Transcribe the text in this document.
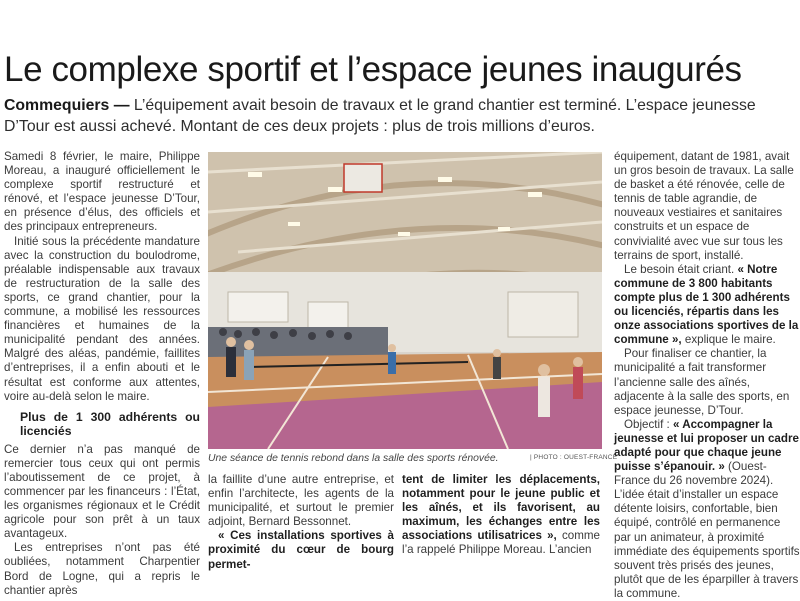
Le complexe sportif et l’espace jeunes inaugurés
Commequiers — L’équipement avait besoin de travaux et le grand chantier est terminé. L’espace jeunesse D’Tour est aussi achevé. Montant de ces deux projets : plus de trois millions d’euros.

Samedi 8 février, le maire, Philippe Moreau, a inauguré officiellement le complexe sportif restructuré et rénové, et l’espace jeunesse D’Tour, en présence d’élus, des officiels et des principaux entrepreneurs.

Initié sous la précédente mandature avec la construction du boulodrome, préalable indispensable aux travaux de restructuration de la salle des sports, ce grand chantier, pour la commune, a mobilisé les ressources financières et humaines de la municipalité pendant des années. Malgré des aléas, pandémie, faillites d’entreprises, il a enfin abouti et le résultat est conforme aux attentes, voire au-delà selon le maire.

Plus de 1 300 adhérents ou licenciés

Ce dernier n’a pas manqué de remercier tous ceux qui ont permis l’aboutissement de ce projet, à commencer par les financeurs : l’État, les organismes régionaux et le Crédit agricole pour son prêt à un taux avantageux.

Les entreprises n’ont pas été oubliées, notamment Charpentier Bord de Logne, qui a repris le chantier après

Une séance de tennis rebond dans la salle des sports rénovée.	| PHOTO : OUEST-FRANCE

la faillite d’une autre entreprise, et enfin l’architecte, les agents de la municipalité, et surtout le premier adjoint, Bernard Bessonnet.

« Ces installations sportives à proximité du cœur de bourg permet-

tent de limiter les déplacements, notamment pour le jeune public et les aînés, et ils favorisent, au maximum, les échanges entre les associations utilisatrices », comme l’a rappelé Philippe Moreau. L’ancien

équipement, datant de 1981, avait un gros besoin de travaux. La salle de basket a été rénovée, celle de tennis de table agrandie, de nouveaux vestiaires et sanitaires construits et un espace de convivialité avec vue sur tous les terrains de sport, installé.

Le besoin était criant. « Notre commune de 3 800 habitants compte plus de 1 300 adhérents ou licenciés, répartis dans les onze associations sportives de la commune », explique le maire.

Pour finaliser ce chantier, la municipalité a fait transformer l’ancienne salle des aînés, adjacente à la salle des sports, en espace jeunesse, D’Tour.

Objectif : « Accompagner la jeunesse et lui proposer un cadre adapté pour que chaque jeune puisse s’épanouir. » (Ouest-France du 26 novembre 2024). L’idée était d’installer un espace détente loisirs, confortable, bien équipé, contrôlé en permanence par un animateur, à proximité immédiate des équipements sportifs souvent très prisés des jeunes, plutôt que de les éparpiller à travers la commune.
